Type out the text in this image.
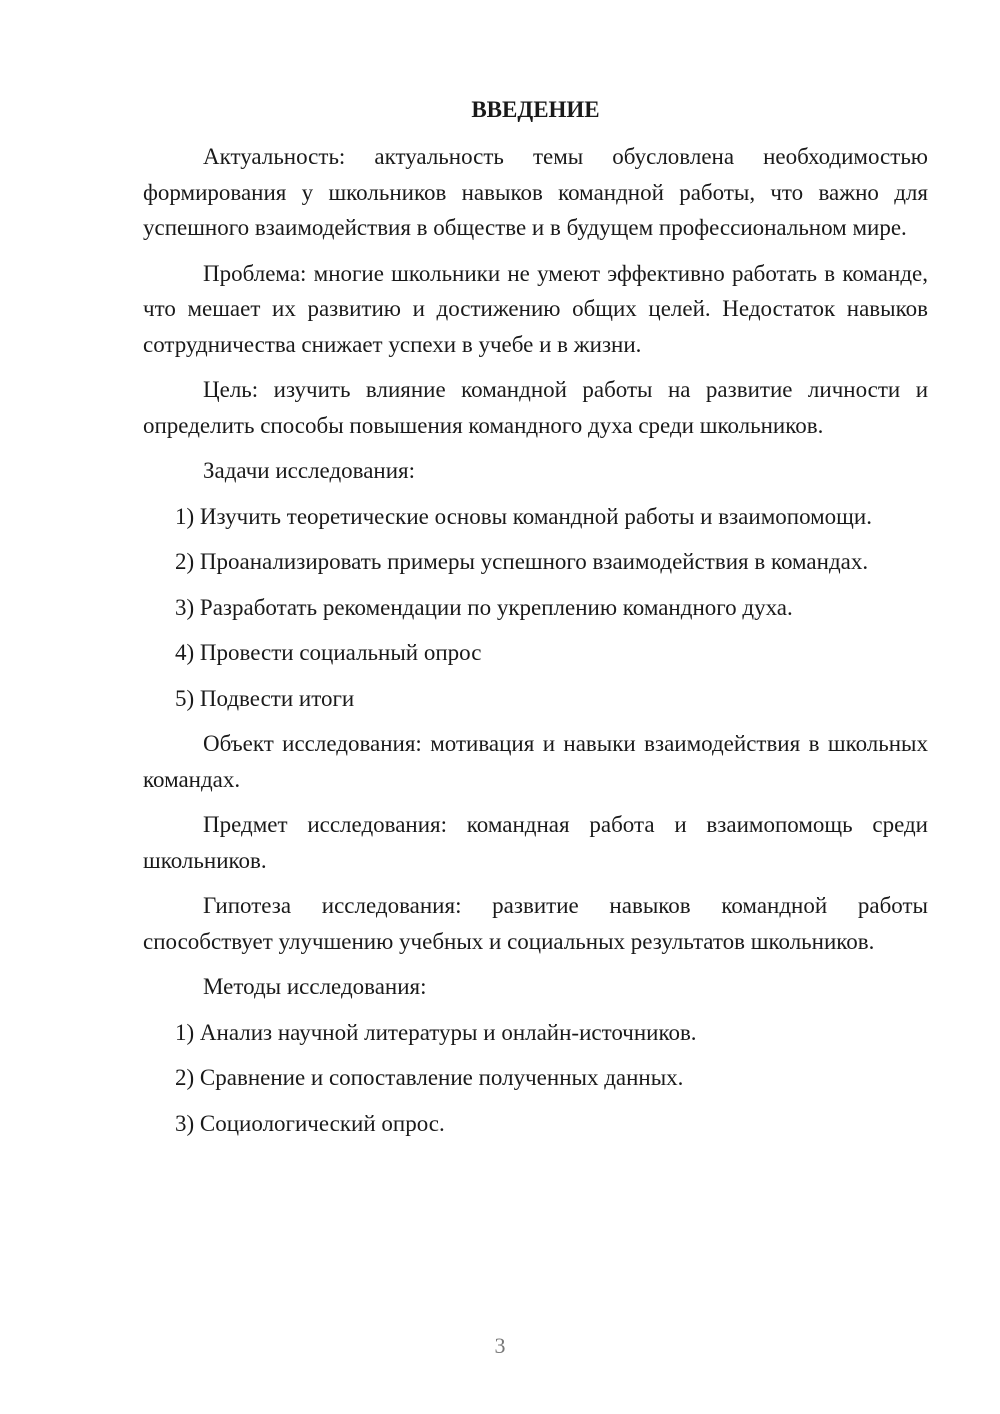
ВВЕДЕНИЕ

Актуальность: актуальность темы обусловлена необходимостью формирования у школьников навыков командной работы, что важно для успешного взаимодействия в обществе и в будущем профессиональном мире.

Проблема: многие школьники не умеют эффективно работать в команде, что мешает их развитию и достижению общих целей. Недостаток навыков сотрудничества снижает успехи в учебе и в жизни.

Цель: изучить влияние командной работы на развитие личности и определить способы повышения командного духа среди школьников.

Задачи исследования:

1) Изучить теоретические основы командной работы и взаимопомощи.

2) Проанализировать примеры успешного взаимодействия в командах.

3) Разработать рекомендации по укреплению командного духа.

4) Провести социальный опрос

5) Подвести итоги

Объект исследования: мотивация и навыки взаимодействия в школьных командах.

Предмет исследования: командная работа и взаимопомощь среди школьников.

Гипотеза исследования: развитие навыков командной работы способствует улучшению учебных и социальных результатов школьников.

Методы исследования:

1) Анализ научной литературы и онлайн-источников.

2) Сравнение и сопоставление полученных данных.

3) Социологический опрос.

3
